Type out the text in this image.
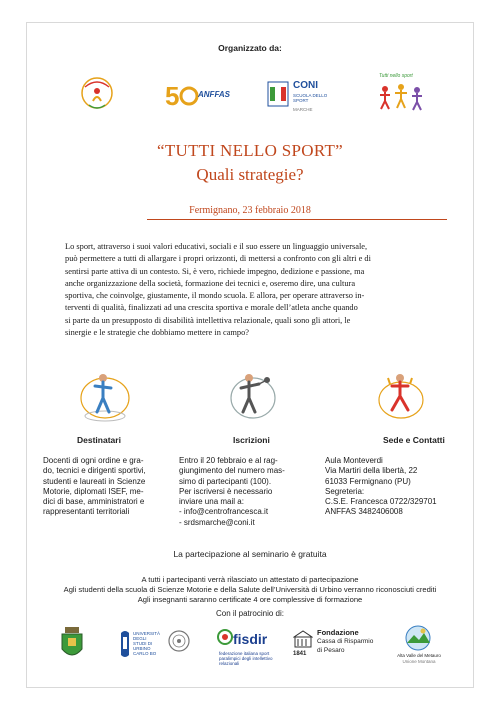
Organizzato da:
5 ANFFAS
CONI
SCUOLA DELLO SPORT
MARCHE
Tutti nello sport
“TUTTI NELLO SPORT”
Quali strategie?
Fermignano, 23 febbraio 2018
Lo sport, attraverso i suoi valori educativi, sociali e il suo essere un linguaggio universale,
può permettere a tutti di allargare i propri orizzonti, di mettersi a confronto con gli altri e di
sentirsi parte attiva di un contesto. Si, è vero, richiede impegno, dedizione e passione, ma
anche organizzazione della società, formazione dei tecnici e, oseremo dire, una cultura
sportiva, che coinvolge, giustamente, il mondo scuola. E allora, per operare attraverso in-
terventi di qualità, finalizzati ad una crescita sportiva e morale dell’atleta anche quando
si parte da un presupposto di disabilità intellettiva relazionale, quali sono gli attori, le
sinergie e le strategie che dobbiamo mettere in campo?
Destinatari	Iscrizioni	Sede e Contatti
Docenti di ogni ordine e gra-
do, tecnici e dirigenti sportivi,
studenti e laureati in Scienze
Motorie, diplomati ISEF, me-
dici di base, amministratori e
rappresentanti territoriali
Entro il 20 febbraio e al rag-
giungimento del numero mas-
simo di partecipanti (100).
Per iscriversi è necessario
inviare una mail a:
- info@centrofrancesca.it
- srdsmarche@coni.it
Aula Monteverdi
Via Martiri della libertà, 22
61033 Fermignano (PU)
Segreteria:
C.S.E. Francesca 0722/329701
ANFFAS 3482406008
La partecipazione al seminario è gratuita
A tutti i partecipanti verrà rilasciato un attestato di partecipazione
Agli studenti della scuola di Scienze Motorie e della Salute dell’Università di Urbino verranno riconosciuti crediti
Agli insegnanti saranno certificate 4 ore complessive di formazione
Con il patrocinio di:
UNIVERSITÀ DEGLI STUDI DI URBINO CARLO BO
fisdir
federazione italiana sport paralimpici degli intellettivo relazionali
Fondazione
Cassa di Risparmio
di Pesaro
1841	Alta Valle del Metauro
Unione Montana
